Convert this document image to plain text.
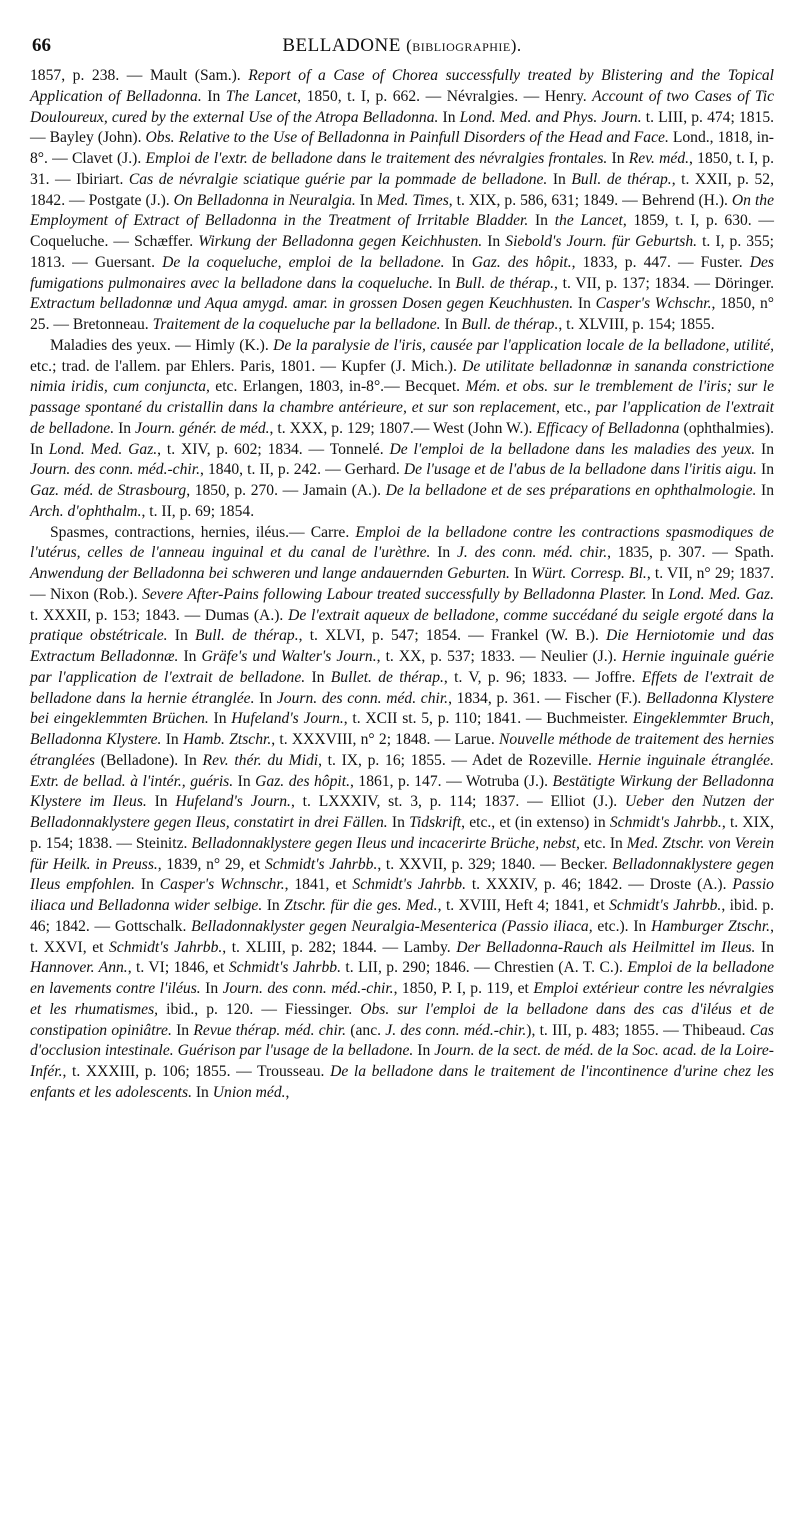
66	BELLADONE (bibliographie).

1857, p. 238. — Mault (Sam.). Report of a Case of Chorea successfully treated by Blistering and the Topical Application of Belladonna. In The Lancet, 1850, t. I, p. 662. — Névralgies. — Henry. Account of two Cases of Tic Douloureux, cured by the external Use of the Atropa Belladonna. In Lond. Med. and Phys. Journ. t. LIII, p. 474; 1815. — Bayley (John). Obs. Relative to the Use of Belladonna in Painfull Disorders of the Head and Face. Lond., 1818, in-8°. — Clavet (J.). Emploi de l'extr. de belladone dans le traitement des névralgies frontales. In Rev. méd., 1850, t. I, p. 31. — Ibiriart. Cas de névralgie sciatique guérie par la pommade de belladone. In Bull. de thérap., t. XXII, p. 52, 1842. — Postgate (J.). On Belladonna in Neuralgia. In Med. Times, t. XIX, p. 586, 631; 1849. — Behrend (H.). On the Employment of Extract of Belladonna in the Treatment of Irritable Bladder. In the Lancet, 1859, t. I, p. 630. — Coqueluche. — Schæffer. Wirkung der Belladonna gegen Keichhusten. In Siebold's Journ. für Geburtsh. t. I, p. 355; 1813. — Guersant. De la coqueluche, emploi de la belladone. In Gaz. des hôpit., 1833, p. 447. — Fuster. Des fumigations pulmonaires avec la belladone dans la coqueluche. In Bull. de thérap., t. VII, p. 137; 1834. — Döringer. Extractum belladonnæ und Aqua amygd. amar. in grossen Dosen gegen Keuchhusten. In Casper's Wchschr., 1850, n° 25. — Bretonneau. Traitement de la coqueluche par la belladone. In Bull. de thérap., t. XLVIII, p. 154; 1855.

Maladies des yeux. — Himly (K.). De la paralysie de l'iris, causée par l'application locale de la belladone, utilité, etc.; trad. de l'allem. par Ehlers. Paris, 1801. — Kupfer (J. Mich.). De utilitate belladonnæ in sananda constrictione nimia iridis, cum conjuncta, etc. Erlangen, 1803, in-8°.— Becquet. Mém. et obs. sur le tremblement de l'iris; sur le passage spontané du cristallin dans la chambre antérieure, et sur son replacement, etc., par l'application de l'extrait de belladone. In Journ. génér. de méd., t. XXX, p. 129; 1807.— West (John W.). Efficacy of Belladonna (ophthalmies). In Lond. Med. Gaz., t. XIV, p. 602; 1834. — Tonnelé. De l'emploi de la belladone dans les maladies des yeux. In Journ. des conn. méd.-chir., 1840, t. II, p. 242. — Gerhard. De l'usage et de l'abus de la belladone dans l'iritis aigu. In Gaz. méd. de Strasbourg, 1850, p. 270. — Jamain (A.). De la belladone et de ses préparations en ophthalmologie. In Arch. d'ophthalm., t. II, p. 69; 1854.

Spasmes, contractions, hernies, iléus.— Carre. Emploi de la belladone contre les contractions spasmodiques de l'utérus, celles de l'anneau inguinal et du canal de l'urèthre. In J. des conn. méd. chir., 1835, p. 307. — Spath. Anwendung der Belladonna bei schweren und lange andauernden Geburten. In Würt. Corresp. Bl., t. VII, n° 29; 1837. — Nixon (Rob.). Severe After-Pains following Labour treated successfully by Belladonna Plaster. In Lond. Med. Gaz. t. XXXII, p. 153; 1843. — Dumas (A.). De l'extrait aqueux de belladone, comme succédané du seigle ergoté dans la pratique obstétricale. In Bull. de thérap., t. XLVI, p. 547; 1854. — Frankel (W. B.). Die Herniotomie und das Extractum Belladonnæ. In Gräfe's und Walter's Journ., t. XX, p. 537; 1833. — Neulier (J.). Hernie inguinale guérie par l'application de l'extrait de belladone. In Bullet. de thérap., t. V, p. 96; 1833. — Joffre. Effets de l'extrait de belladone dans la hernie étranglée. In Journ. des conn. méd. chir., 1834, p. 361. — Fischer (F.). Belladonna Klystere bei eingeklemmten Brüchen. In Hufeland's Journ., t. XCII st. 5, p. 110; 1841. — Buchmeister. Eingeklemmter Bruch, Belladonna Klystere. In Hamb. Ztschr., t. XXXVIII, n° 2; 1848. — Larue. Nouvelle méthode de traitement des hernies étranglées (Belladone). In Rev. thér. du Midi, t. IX, p. 16; 1855. — Adet de Rozeville. Hernie inguinale étranglée. Extr. de bellad. à l'intér., guéris. In Gaz. des hôpit., 1861, p. 147. — Wotruba (J.). Bestätigte Wirkung der Belladonna Klystere im Ileus. In Hufeland's Journ., t. LXXXIV, st. 3, p. 114; 1837. — Elliot (J.). Ueber den Nutzen der Belladonnaklystere gegen Ileus, constatirt in drei Fällen. In Tidskrift, etc., et (in extenso) in Schmidt's Jahrbb., t. XIX, p. 154; 1838. — Steinitz. Belladonnaklystere gegen Ileus und incacerirte Brüche, nebst, etc. In Med. Ztschr. von Verein für Heilk. in Preuss., 1839, n° 29, et Schmidt's Jahrbb., t. XXVII, p. 329; 1840. — Becker. Belladonnaklystere gegen Ileus empfohlen. In Casper's Wchnschr., 1841, et Schmidt's Jahrbb. t. XXXIV, p. 46; 1842. — Droste (A.). Passio iliaca und Belladonna wider selbige. In Ztschr. für die ges. Med., t. XVIII, Heft 4; 1841, et Schmidt's Jahrbb., ibid. p. 46; 1842. — Gottschalk. Belladonnaklyster gegen Neuralgia-Mesenterica (Passio iliaca, etc.). In Hamburger Ztschr., t. XXVI, et Schmidt's Jahrbb., t. XLIII, p. 282; 1844. — Lamby. Der Belladonna-Rauch als Heilmittel im Ileus. In Hannover. Ann., t. VI; 1846, et Schmidt's Jahrbb. t. LII, p. 290; 1846. — Chrestien (A. T. C.). Emploi de la belladone en lavements contre l'iléus. In Journ. des conn. méd.-chir., 1850, P. I, p. 119, et Emploi extérieur contre les névralgies et les rhumatismes, ibid., p. 120. — Fiessinger. Obs. sur l'emploi de la belladone dans des cas d'iléus et de constipation opiniâtre. In Revue thérap. méd. chir. (anc. J. des conn. méd.-chir.), t. III, p. 483; 1855. — Thibeaud. Cas d'occlusion intestinale. Guérison par l'usage de la belladone. In Journ. de la sect. de méd. de la Soc. acad. de la Loire-Infér., t. XXXIII, p. 106; 1855. — Trousseau. De la belladone dans le traitement de l'incontinence d'urine chez les enfants et les adolescents. In Union méd.,
